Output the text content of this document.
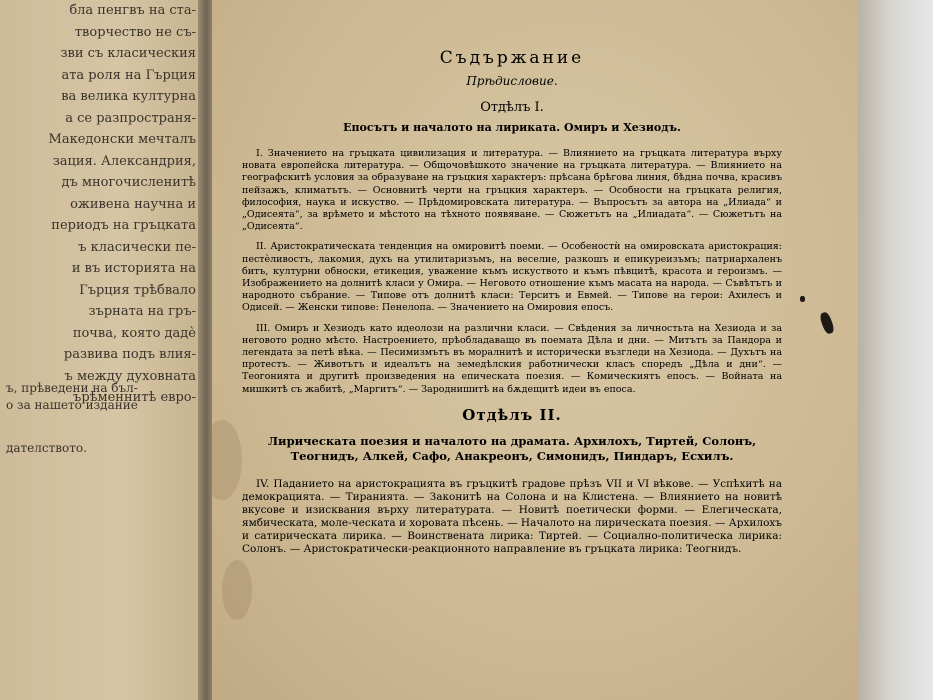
бла пенгвъ на ста-
творчество не съ-
зви съ класическия
ата роля на Гърция
ва велика културна
а се разпространя-
Македонски мечталъ
зация. Александрия,
дъ многочисленитѣ
оживена научна и
периодъ на гръцката
ъ класически пе-
и въ историята на
Гърция трѣбвало
зърната на гръ-
почва, която дадѐ
развива подъ влия-
ъ между духовната
ърѣменнитѣ евро-
ъ, прѣведени на бъл-
о за нашето издание
дателството.
Съдържание
Прѣдисловие.
Отдѣлъ I.
Епосътъ и началото на лириката. Омиръ и Хезиодъ.

I. Значението на гръцката цивилизация и литература. — Влиянието на гръцката литература върху новата европейска литература. — Общочовѣшкото значение на гръцката литература. — Влиянието на географскитѣ условия за образуване на гръцкия характеръ: прѣсана брѣгова линия, бѣдна почва, красивъ пейзажъ, климатътъ. — Основнитѣ черти на гръцкия характеръ. — Особности на гръцката религия, философия, наука и искуство. — Прѣдомировската литература. — Въпросътъ за автора на „Илиада“ и „Одисеята“, за врѣмето и мѣстото на тѣхното появяване. — Сюжетътъ на „Илиадата“. — Сюжетътъ на „Одисеята“.

II. Аристократическата тенденция на омировитѣ поеми. — Особеностѝ на омировската аристокрация: пестѐливостъ, лакомия, духъ на утилитаризъмъ, на веселие, разкошъ и епикуреизъмъ; патриархаленъ битъ, културни обноски, етикеция, уважение къмъ искуството и къмъ пѣвцитѣ, красота и героизмъ. — Изображението на долнитѣ класи у Омира. — Неговото отношение къмъ масата на народа. — Съвѣтътъ и народното събрание. — Типове отъ долнитѣ класи: Терситъ и Евмей. — Типове на герои: Ахилесъ и Одисей. — Женски типове: Пенелопа. — Значението на Омировия епосъ.

III. Омиръ и Хезиодъ като идеолози на различни класи. — Свѣдения за личностьта на Хезиода и за неговото родно мѣсто. Настроението, прѣобладаващо въ поемата Дѣла и дни. — Митътъ за Пандора и легендата за петѣ вѣка. — Песимизмътъ въ моралнитѣ и исторически възгледи на Хезиода. — Духътъ на протестъ. — Животътъ и идеалътъ на земедѣлския работнически класъ споредъ „Дѣла и дни“. — Теогонията и другитѣ произведения на епическата поезия. — Комическиятъ епосъ. — Войната на мишкитѣ съ жабитѣ, „Маргитъ“. — Зароднишитѣ на бѫдещитѣ идеи въ епоса.

Отдѣлъ II.
Лирическата поезия и началото на драмата. Архилохъ, Тиртей, Солонъ, Теогнидъ, Алкей, Сафо, Анакреонъ, Симонидъ, Пиндаръ, Есхилъ.

IV. Паданието на аристокрацията въ гръцкитѣ градове прѣзъ VII и VI вѣкове. — Успѣхитѣ на демокрацията. — Тиранията. — Законитѣ на Солона и на Клистена. — Влиянието на новитѣ вкусове и изисквания върху литературата. — Новитѣ поетически форми. — Елегическата, ямбическата, моле-ческата и хоровата пѣсень. — Началото на лирическата поезия. — Архилохъ и сатирическата лирика. — Воинствената лирика: Тиртей. — Социално-политическа лирика: Солонъ. — Аристократически-реакционното направление въ гръцката лирика: Теогнидъ.
